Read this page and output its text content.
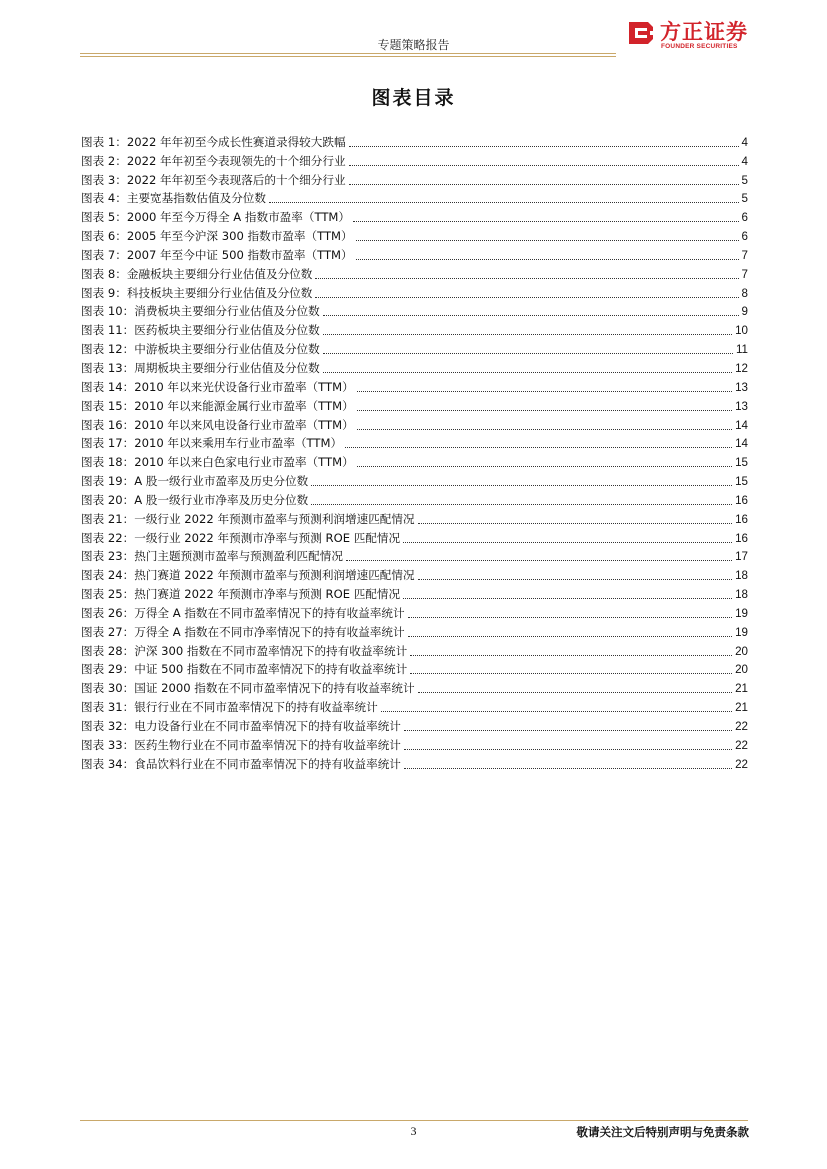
专题策略报告
方正证券
FOUNDER SECURITIES
图表目录
图表 1： 2022 年年初至今成长性赛道录得较大跌幅	4
图表 2： 2022 年年初至今表现领先的十个细分行业	4
图表 3： 2022 年年初至今表现落后的十个细分行业	5
图表 4： 主要宽基指数估值及分位数	5
图表 5： 2000 年至今万得全 A 指数市盈率（TTM）	6
图表 6： 2005 年至今沪深 300 指数市盈率（TTM）	6
图表 7： 2007 年至今中证 500 指数市盈率（TTM）	7
图表 8： 金融板块主要细分行业估值及分位数	7
图表 9： 科技板块主要细分行业估值及分位数	8
图表 10： 消费板块主要细分行业估值及分位数	9
图表 11： 医药板块主要细分行业估值及分位数	10
图表 12： 中游板块主要细分行业估值及分位数	11
图表 13： 周期板块主要细分行业估值及分位数	12
图表 14： 2010 年以来光伏设备行业市盈率（TTM）	13
图表 15： 2010 年以来能源金属行业市盈率（TTM）	13
图表 16： 2010 年以来风电设备行业市盈率（TTM）	14
图表 17： 2010 年以来乘用车行业市盈率（TTM）	14
图表 18： 2010 年以来白色家电行业市盈率（TTM）	15
图表 19： A 股一级行业市盈率及历史分位数	15
图表 20： A 股一级行业市净率及历史分位数	16
图表 21： 一级行业 2022 年预测市盈率与预测利润增速匹配情况	16
图表 22： 一级行业 2022 年预测市净率与预测 ROE 匹配情况	16
图表 23： 热门主题预测市盈率与预测盈利匹配情况	17
图表 24： 热门赛道 2022 年预测市盈率与预测利润增速匹配情况	18
图表 25： 热门赛道 2022 年预测市净率与预测 ROE 匹配情况	18
图表 26： 万得全 A 指数在不同市盈率情况下的持有收益率统计	19
图表 27： 万得全 A 指数在不同市净率情况下的持有收益率统计	19
图表 28： 沪深 300 指数在不同市盈率情况下的持有收益率统计	20
图表 29： 中证 500 指数在不同市盈率情况下的持有收益率统计	20
图表 30： 国证 2000 指数在不同市盈率情况下的持有收益率统计	21
图表 31： 银行行业在不同市盈率情况下的持有收益率统计	21
图表 32： 电力设备行业在不同市盈率情况下的持有收益率统计	22
图表 33： 医药生物行业在不同市盈率情况下的持有收益率统计	22
图表 34： 食品饮料行业在不同市盈率情况下的持有收益率统计	22
3	敬请关注文后特别声明与免责条款
